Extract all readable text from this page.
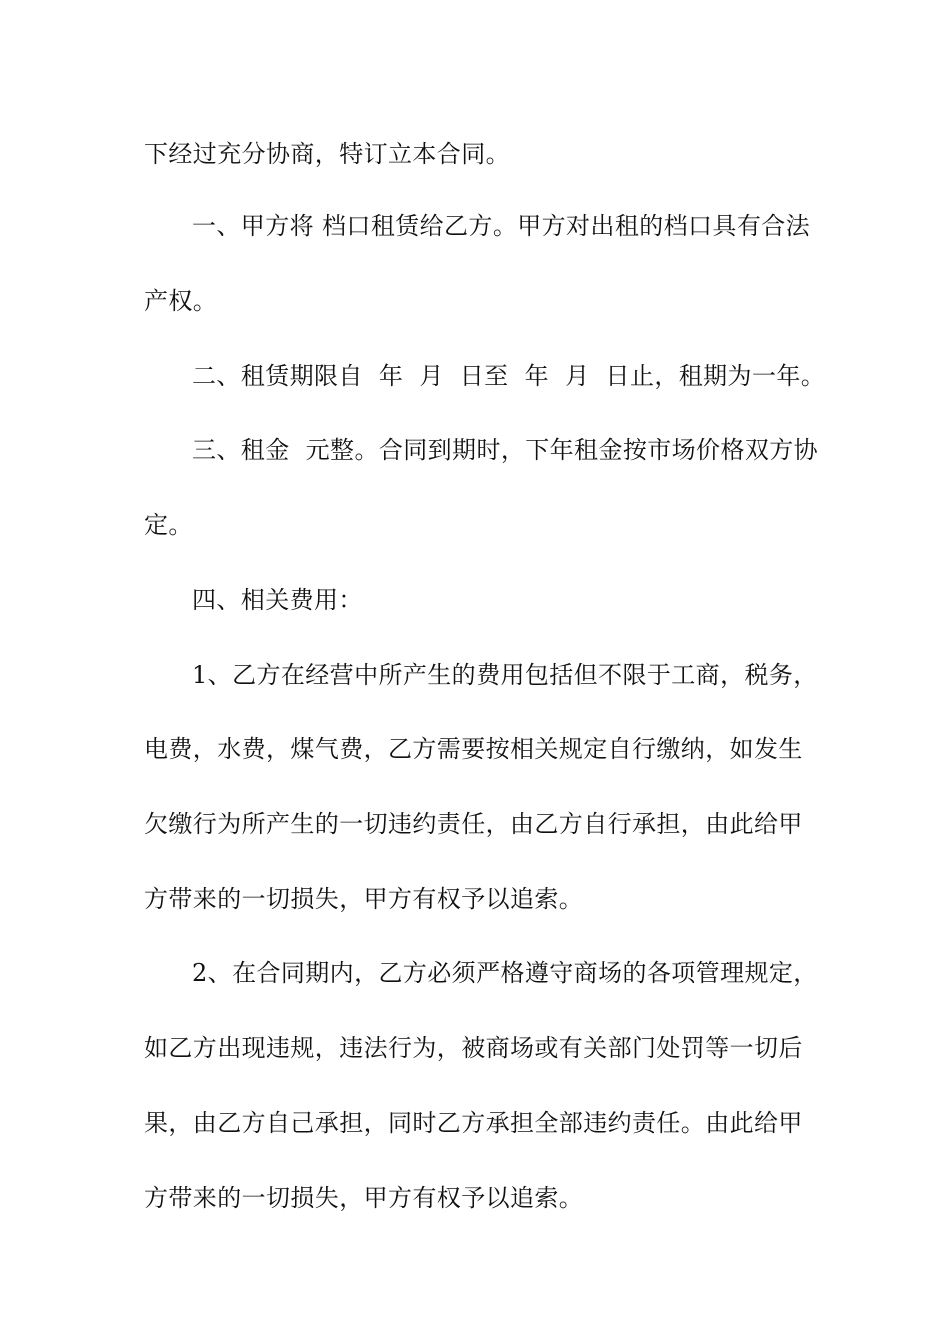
下经过充分协商，特订立本合同。
一、甲方将 档口租赁给乙方。甲方对出租的档口具有合法
产权。
二、租赁期限自  年  月  日至  年  月  日止，租期为一年。
三、租金  元整。合同到期时，下年租金按市场价格双方协
定。
四、相关费用：
1、乙方在经营中所产生的费用包括但不限于工商，税务，
电费，水费，煤气费，乙方需要按相关规定自行缴纳，如发生
欠缴行为所产生的一切违约责任，由乙方自行承担，由此给甲
方带来的一切损失，甲方有权予以追索。
2、在合同期内，乙方必须严格遵守商场的各项管理规定，
如乙方出现违规，违法行为，被商场或有关部门处罚等一切后
果，由乙方自己承担，同时乙方承担全部违约责任。由此给甲
方带来的一切损失，甲方有权予以追索。
